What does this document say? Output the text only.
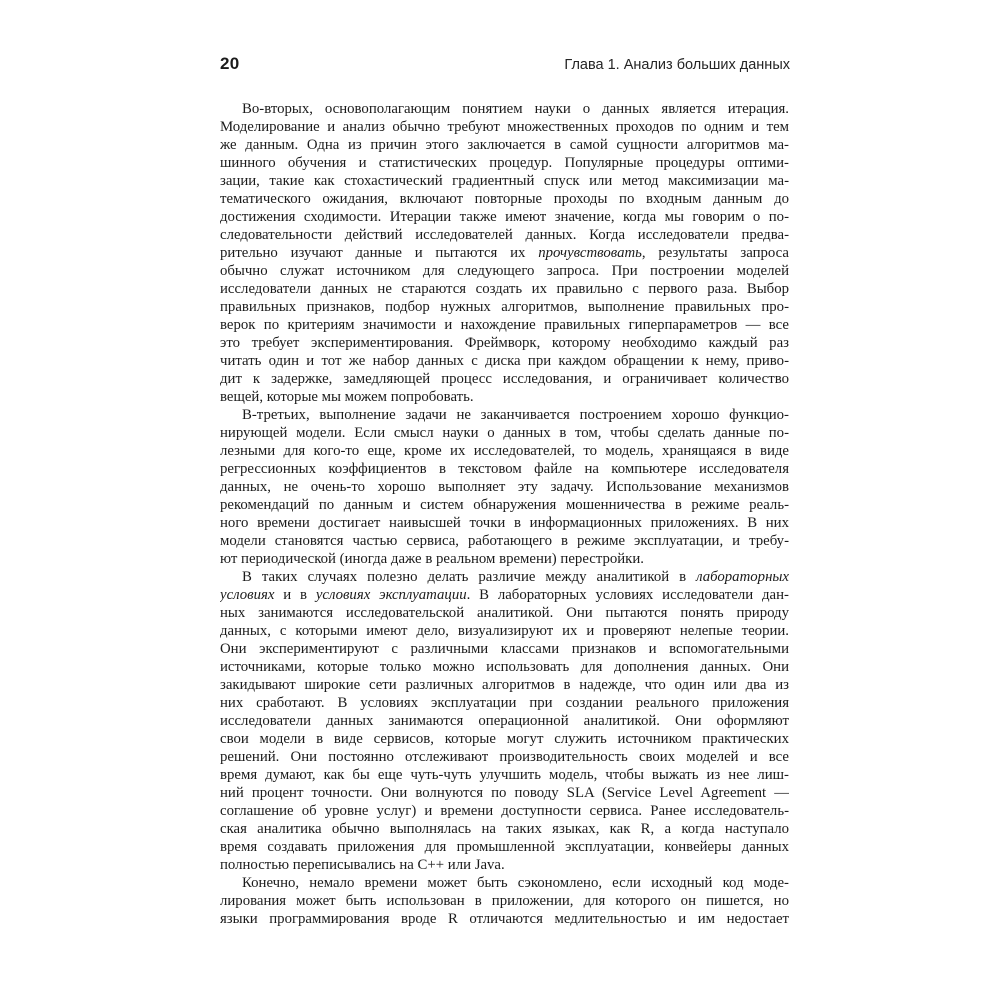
20	Глава 1. Анализ больших данных
Во-вторых, основополагающим понятием науки о данных является итерация.
Моделирование и анализ обычно требуют множественных проходов по одним и тем
же данным. Одна из причин этого заключается в самой сущности алгоритмов ма-
шинного обучения и статистических процедур. Популярные процедуры оптими-
зации, такие как стохастический градиентный спуск или метод максимизации ма-
тематического ожидания, включают повторные проходы по входным данным до
достижения сходимости. Итерации также имеют значение, когда мы говорим о по-
следовательности действий исследователей данных. Когда исследователи предва-
рительно изучают данные и пытаются их прочувствовать, результаты запроса
обычно служат источником для следующего запроса. При построении моделей
исследователи данных не стараются создать их правильно с первого раза. Выбор
правильных признаков, подбор нужных алгоритмов, выполнение правильных про-
верок по критериям значимости и нахождение правильных гиперпараметров — все
это требует экспериментирования. Фреймворк, которому необходимо каждый раз
читать один и тот же набор данных с диска при каждом обращении к нему, приво-
дит к задержке, замедляющей процесс исследования, и ограничивает количество
вещей, которые мы можем попробовать.
В-третьих, выполнение задачи не заканчивается построением хорошо функцио-
нирующей модели. Если смысл науки о данных в том, чтобы сделать данные по-
лезными для кого-то еще, кроме их исследователей, то модель, хранящаяся в виде
регрессионных коэффициентов в текстовом файле на компьютере исследователя
данных, не очень-то хорошо выполняет эту задачу. Использование механизмов
рекомендаций по данным и систем обнаружения мошенничества в режиме реаль-
ного времени достигает наивысшей точки в информационных приложениях. В них
модели становятся частью сервиса, работающего в режиме эксплуатации, и требу-
ют периодической (иногда даже в реальном времени) перестройки.
В таких случаях полезно делать различие между аналитикой в лабораторных
условиях и в условиях эксплуатации. В лабораторных условиях исследователи дан-
ных занимаются исследовательской аналитикой. Они пытаются понять природу
данных, с которыми имеют дело, визуализируют их и проверяют нелепые теории.
Они экспериментируют с различными классами признаков и вспомогательными
источниками, которые только можно использовать для дополнения данных. Они
закидывают широкие сети различных алгоритмов в надежде, что один или два из
них сработают. В условиях эксплуатации при создании реального приложения
исследователи данных занимаются операционной аналитикой. Они оформляют
свои модели в виде сервисов, которые могут служить источником практических
решений. Они постоянно отслеживают производительность своих моделей и все
время думают, как бы еще чуть-чуть улучшить модель, чтобы выжать из нее лиш-
ний процент точности. Они волнуются по поводу SLA (Service Level Agreement —
соглашение об уровне услуг) и времени доступности сервиса. Ранее исследователь-
ская аналитика обычно выполнялась на таких языках, как R, а когда наступало
время создавать приложения для промышленной эксплуатации, конвейеры данных
полностью переписывались на C++ или Java.
Конечно, немало времени может быть сэкономлено, если исходный код моде-
лирования может быть использован в приложении, для которого он пишется, но
языки программирования вроде R отличаются медлительностью и им недостает
